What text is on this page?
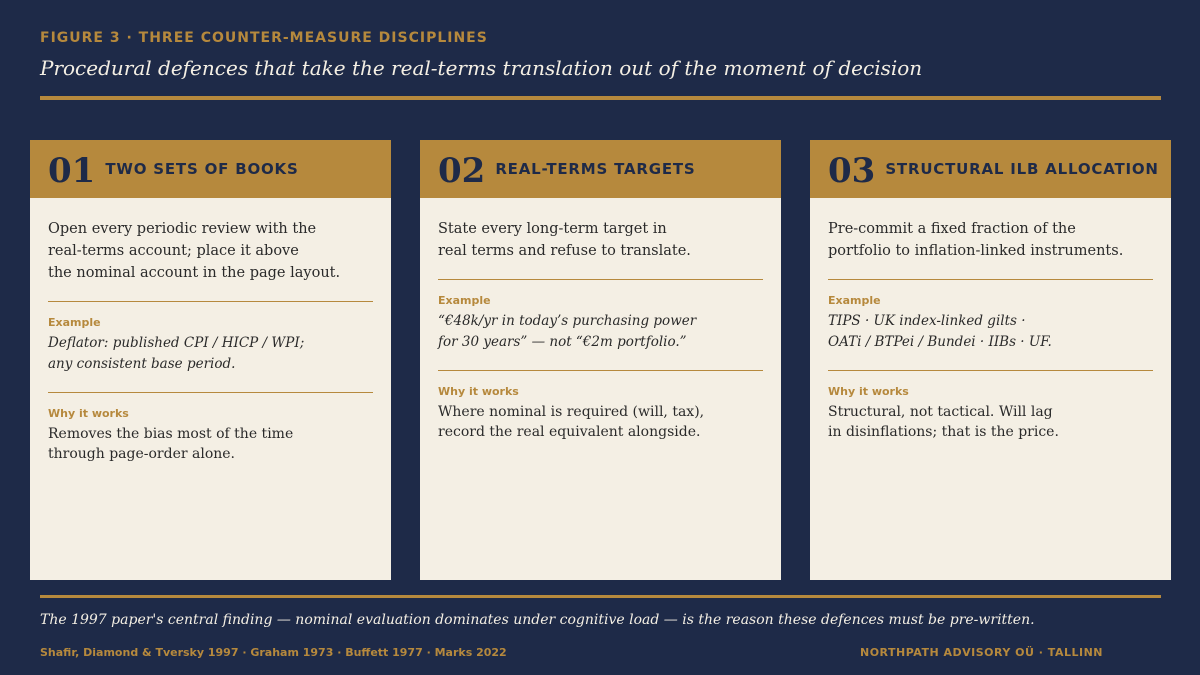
FIGURE 3 · THREE COUNTER-MEASURE DISCIPLINES
Procedural defences that take the real-terms translation out of the moment of decision
01 TWO SETS OF BOOKS
Open every periodic review with the
real-terms account; place it above
the nominal account in the page layout.
Example
Deflator: published CPI / HICP / WPI;
any consistent base period.
Why it works
Removes the bias most of the time
through page-order alone.
02 REAL-TERMS TARGETS
State every long-term target in
real terms and refuse to translate.
Example
“€48k/yr in today’s purchasing power
for 30 years” — not “€2m portfolio.”
Why it works
Where nominal is required (will, tax),
record the real equivalent alongside.
03 STRUCTURAL ILB ALLOCATION
Pre-commit a fixed fraction of the
portfolio to inflation-linked instruments.
Example
TIPS · UK index-linked gilts ·
OATi / BTPei / Bundei · IIBs · UF.
Why it works
Structural, not tactical. Will lag
in disinflations; that is the price.
The 1997 paper's central finding — nominal evaluation dominates under cognitive load — is the reason these defences must be pre-written.
Shafir, Diamond & Tversky 1997 · Graham 1973 · Buffett 1977 · Marks 2022	NORTHPATH ADVISORY OÜ · TALLINN
